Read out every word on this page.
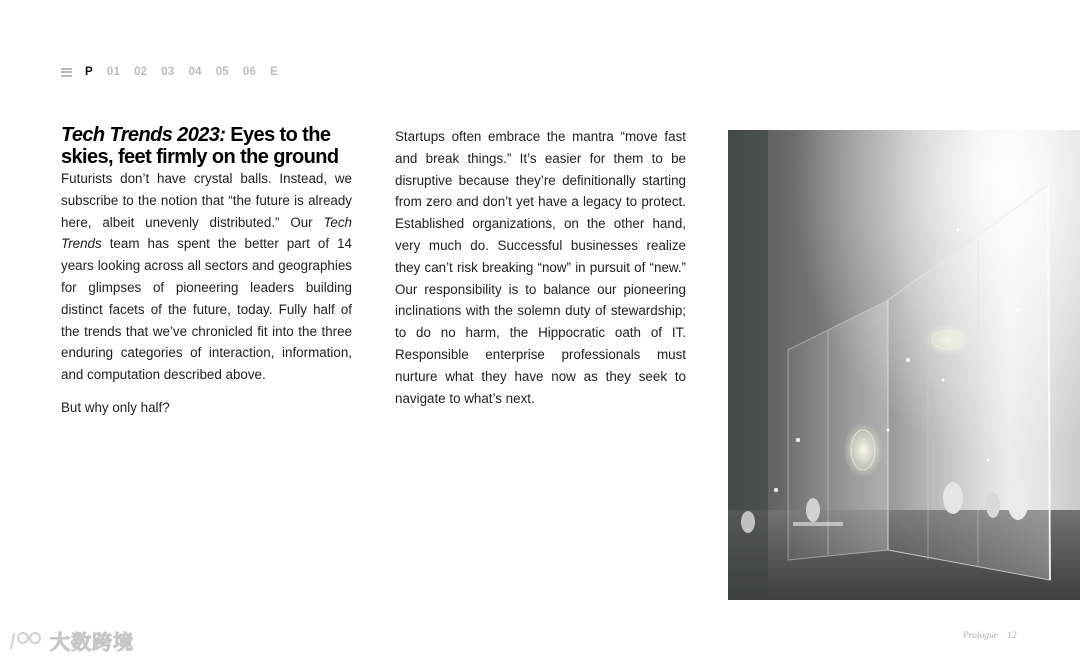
P 01 02 03 04 05 06 E
Tech Trends 2023: Eyes to the skies, feet firmly on the ground

Futurists don’t have crystal balls. Instead, we subscribe to the notion that “the future is already here, albeit unevenly distributed.” Our Tech Trends team has spent the better part of 14 years looking across all sectors and geographies for glimpses of pioneering leaders building distinct facets of the future, today. Fully half of the trends that we’ve chronicled fit into the three enduring categories of interaction, information, and computation described above.

But why only half?

Startups often embrace the mantra “move fast and break things.” It’s easier for them to be disruptive because they’re definitionally starting from zero and don’t yet have a legacy to protect. Established organizations, on the other hand, very much do. Successful businesses realize they can’t risk breaking “now” in pursuit of “new.” Our responsibility is to balance our pioneering inclinations with the solemn duty of stewardship; to do no harm, the Hippocratic oath of IT. Responsible enterprise professionals must nurture what they have now as they seek to navigate to what’s next.

Prologue 12
大数跨境
